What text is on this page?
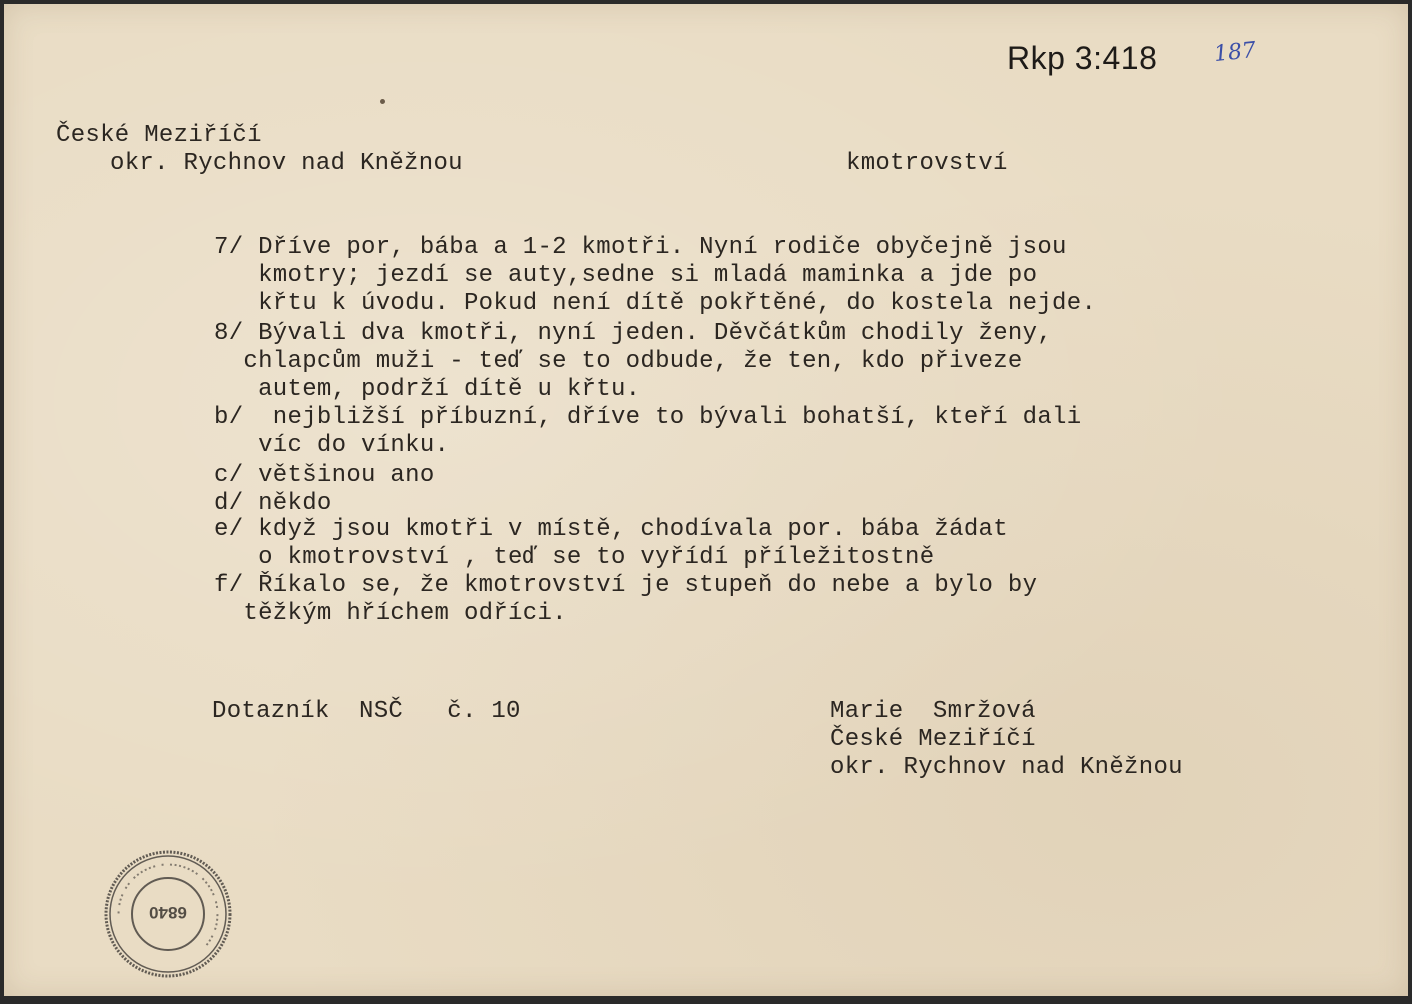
Rkp 3:418	187
České Meziříčí
okr. Rychnov nad Kněžnou	kmotrovství
7/ Dříve por, bába a 1-2 kmotři. Nyní rodiče obyčejně jsou
kmotry; jezdí se auty,sedne si mladá maminka a jde po
křtu k úvodu. Pokud není dítě pokřtěné, do kostela nejde.
8/ Bývali dva kmotři, nyní jeden. Děvčátkům chodily ženy,
chlapcům muži - teď se to odbude, že ten, kdo přiveze
autem, podrží dítě u křtu.
b/  nejbližší příbuzní, dříve to bývali bohatší, kteří dali
víc do vínku.
c/ většinou ano
d/ někdo
e/ když jsou kmotři v místě, chodívala por. bába žádat
o kmotrovství , teď se to vyřídí příležitostně
f/ Říkalo se, že kmotrovství je stupeň do nebe a bylo by
těžkým hříchem odříci.
Dotazník  NSČ   č. 10	Marie  Smržová
České Meziříčí
okr. Rychnov nad Kněžnou
▪ ▪▪▪ ▪▪ ▪▪▪▪▪▪ ▪ ▪▪▪▪▪▪▪ ▪▪▪▪▪ ▪▪ ▪▪▪▪ ▪▪▪
6840
